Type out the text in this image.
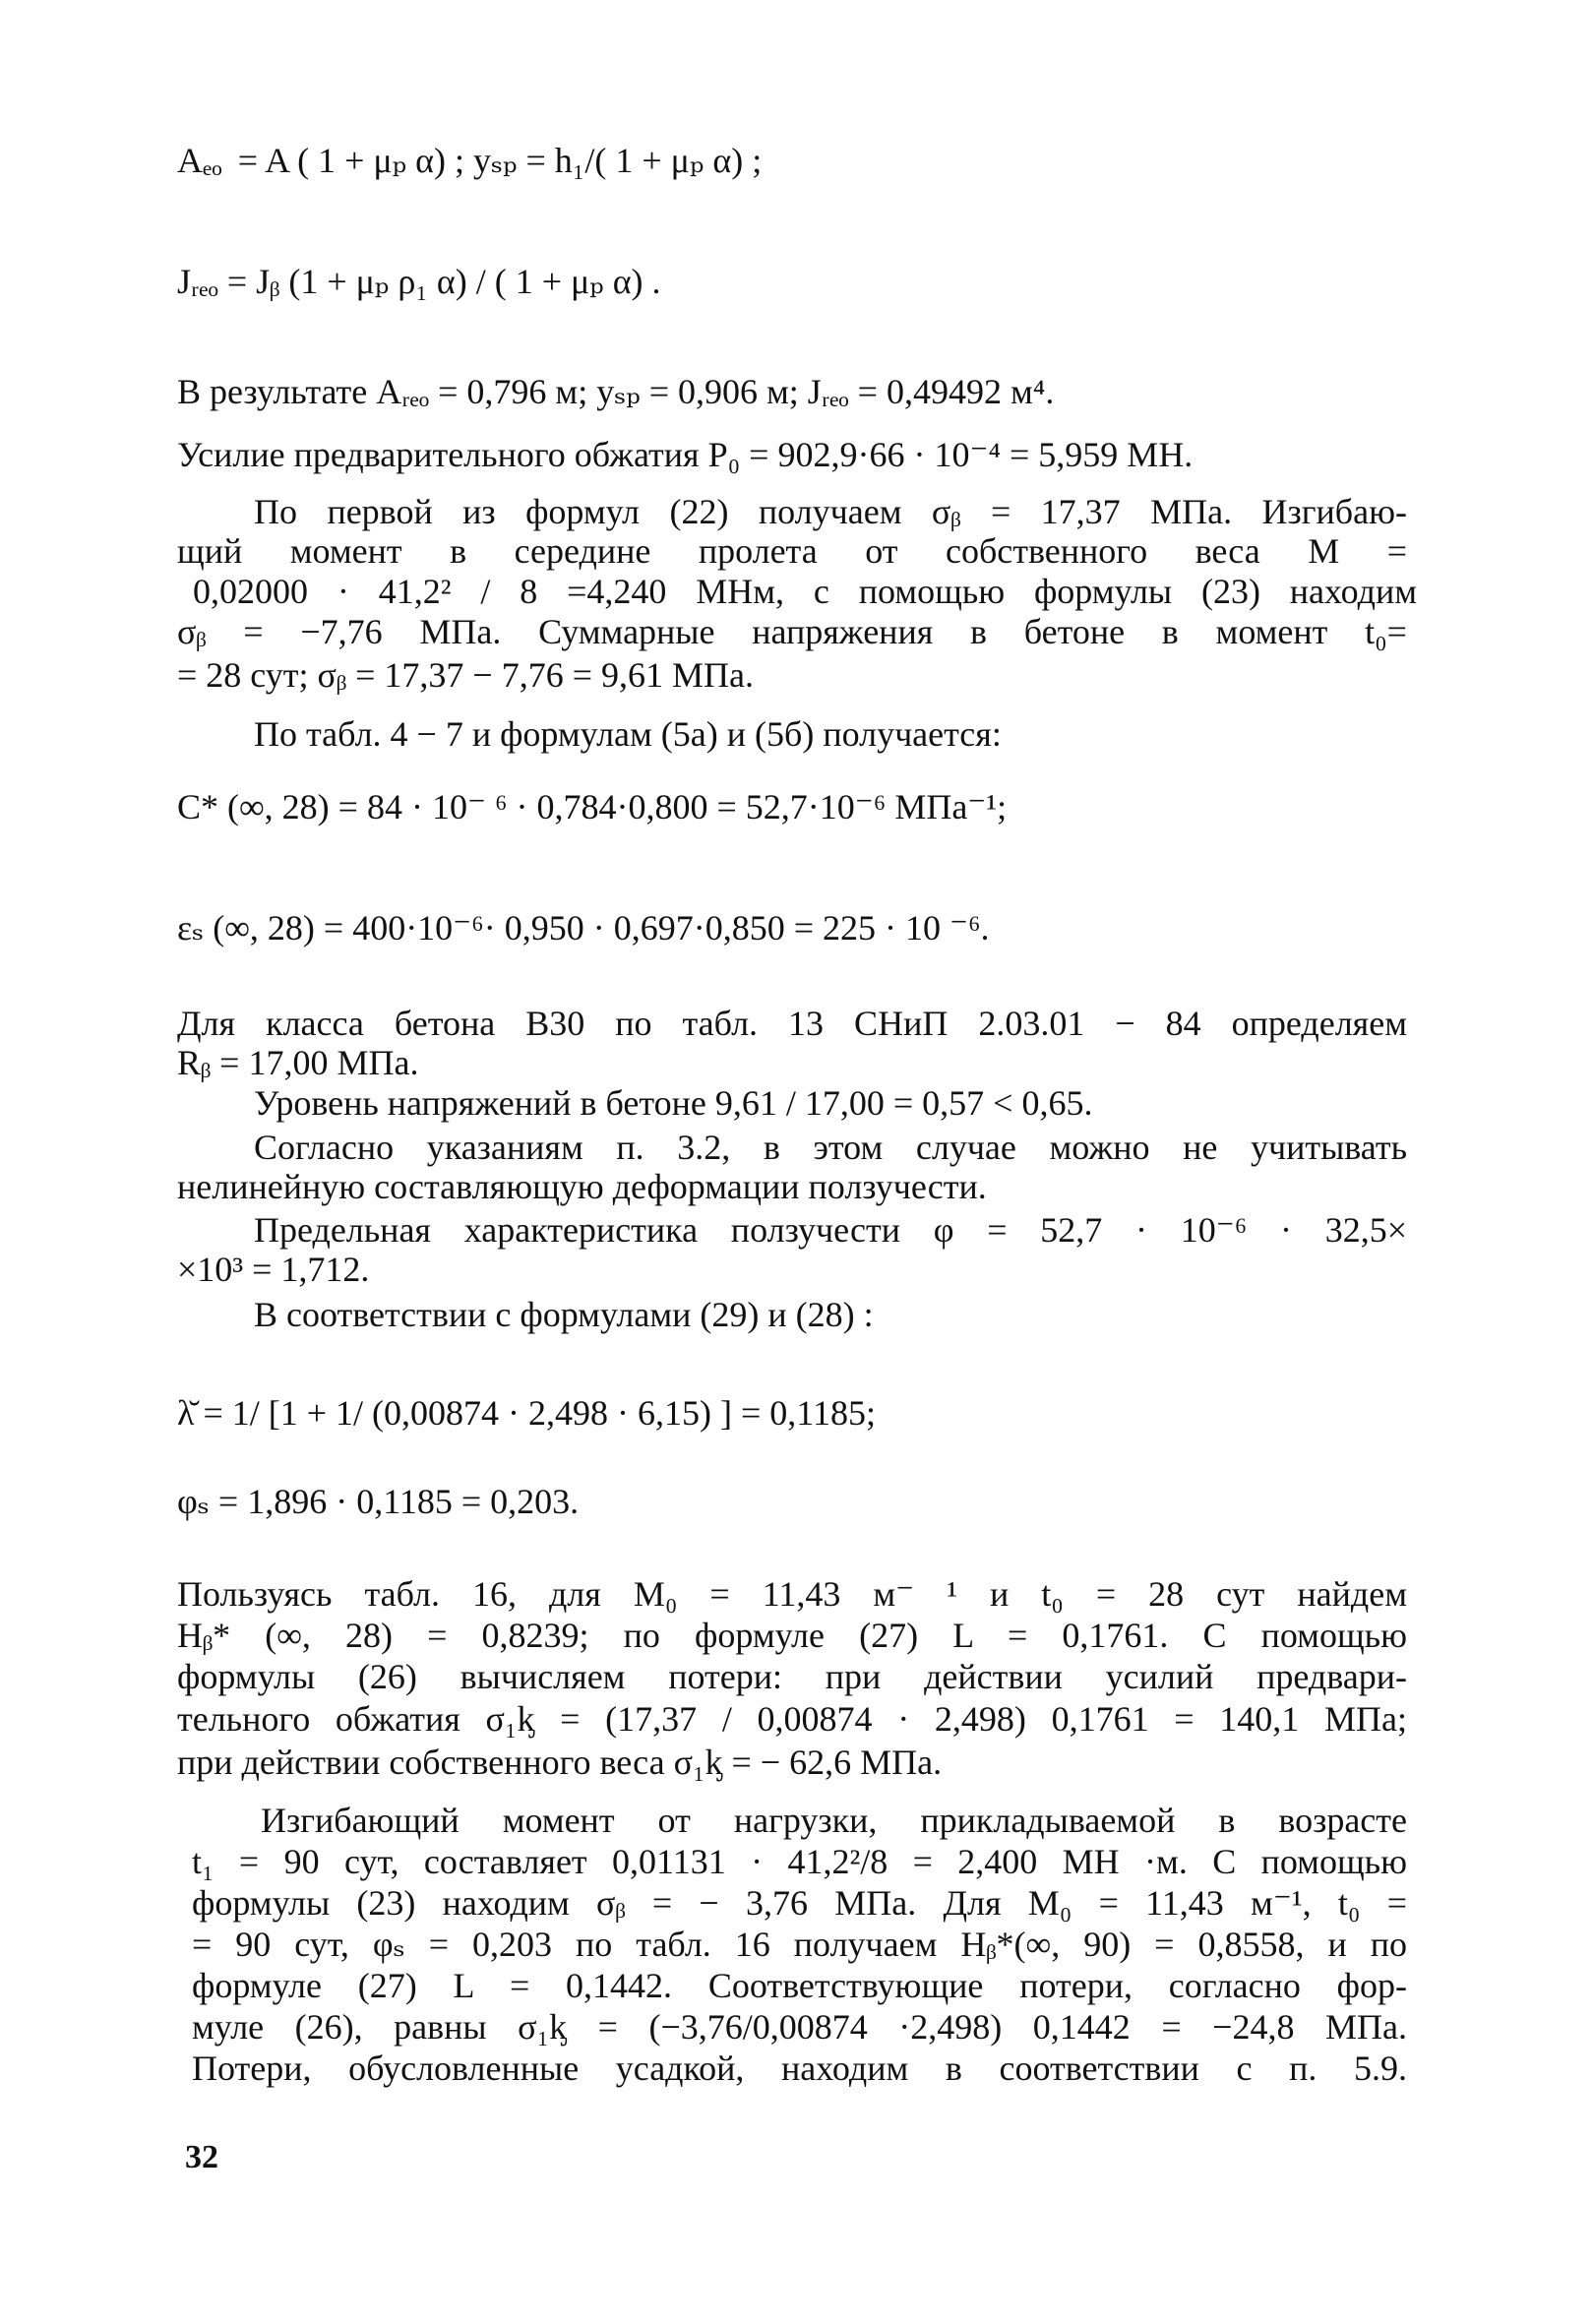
Aₑₒ  = A ( 1 + μₚ α) ; yₛₚ = h₁/( 1 + μₚ α) ;

Jᵣₑₒ = Jᵦ (1 + μₚ ρ₁ α) / ( 1 + μₚ α) .

В результате Aᵣₑₒ = 0,796 м; yₛₚ = 0,906 м; Jᵣₑₒ = 0,49492 м⁴.

Усилие предварительного обжатия P₀ = 902,9·66 · 10⁻⁴ = 5,959 МН.

По первой из формул (22) получаем σᵦ = 17,37 МПа. Изгибаю-

щий момент в середине пролета от собственного веса M =

0,02000 · 41,2² / 8 =4,240 МНм, с помощью формулы (23) находим

σᵦ = −7,76 МПа. Суммарные напряжения в бетоне в момент t₀=

= 28 сут; σᵦ = 17,37 − 7,76 = 9,61 МПа.

По табл. 4 − 7 и формулам (5а) и (5б) получается:

C* (∞, 28) = 84 · 10⁻ ⁶ · 0,784·0,800 = 52,7·10⁻⁶ МПа⁻¹;

εₛ (∞, 28) = 400·10⁻⁶· 0,950 · 0,697·0,850 = 225 · 10 ⁻⁶.

Для класса бетона B30 по табл. 13 СНиП 2.03.01 − 84 определяем

Rᵦ = 17,00 МПа.

Уровень напряжений в бетоне 9,61 / 17,00 = 0,57 < 0,65.

Согласно указаниям п. 3.2, в этом случае можно не учитывать

нелинейную составляющую деформации ползучести.

Предельная характеристика ползучести φ = 52,7 · 10⁻⁶ · 32,5×

×10³ = 1,712.

В соответствии с формулами (29) и (28) :

λ̆ = 1/ [1 + 1/ (0,00874 · 2,498 · 6,15) ] = 0,1185;

φₛ = 1,896 · 0,1185 = 0,203.

Пользуясь табл. 16, для M₀ = 11,43 м⁻ ¹ и t₀ = 28 сут найдем

Hᵦ* (∞, 28) = 0,8239; по формуле (27) L = 0,1761. С помощью

формулы (26) вычисляем потери: при действии усилий предвари-

тельного обжатия σ₁ᶄ = (17,37 / 0,00874 · 2,498) 0,1761 = 140,1 МПа;

при действии собственного веса σ₁ᶄ = − 62,6 МПа.

Изгибающий момент от нагрузки, прикладываемой в возрасте

t₁ = 90 сут, составляет 0,01131 · 41,2²/8 = 2,400 МН ·м. С помощью

формулы (23) находим σᵦ = − 3,76 МПа. Для M₀ = 11,43 м⁻¹, t₀ =

= 90 сут, φₛ = 0,203 по табл. 16 получаем Hᵦ*(∞, 90) = 0,8558, и по

формуле (27) L = 0,1442. Соответствующие потери, согласно фор-

муле (26), равны σ₁ᶄ = (−3,76/0,00874 ·2,498) 0,1442 = −24,8 МПа.

Потери, обусловленные усадкой, находим в соответствии с п. 5.9.

32
